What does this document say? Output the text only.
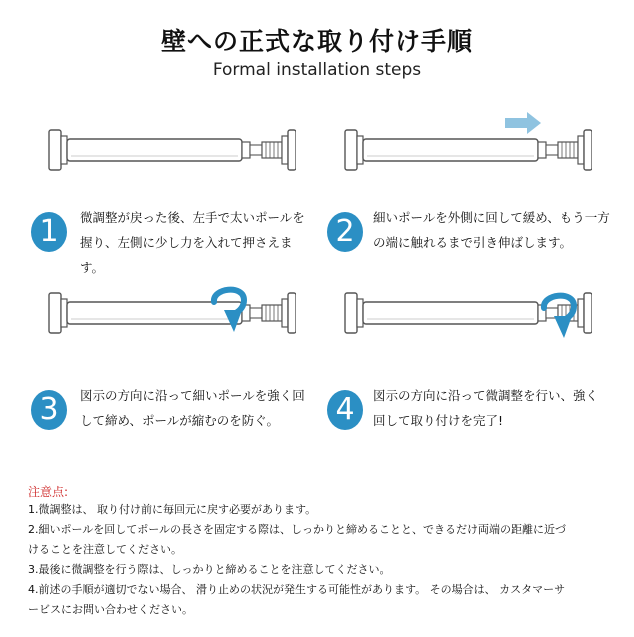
壁への正式な取り付け手順
Formal installation steps
1	微調整が戻った後、左手で太いポールを
握り、左側に少し力を入れて押さえます。
2	細いポールを外側に回して緩め、もう一方
の端に触れるまで引き伸ばします。
3	図示の方向に沿って細いポールを強く回
して締め、ポールが縮むのを防ぐ。	4	図示の方向に沿って微調整を行い、強く
回して取り付けを完了!
注意点:
1.微調整は、 取り付け前に毎回元に戻す必要があります。
2.細いポールを回してポールの長さを固定する際は、しっかりと締めることと、できるだけ両端の距離に近づ
けることを注意してください。
3.最後に微調整を行う際は、しっかりと締めることを注意してください。
4.前述の手順が適切でない場合、 滑り止めの状況が発生する可能性があります。 その場合は、 カスタマーサ
ービスにお問い合わせください。
